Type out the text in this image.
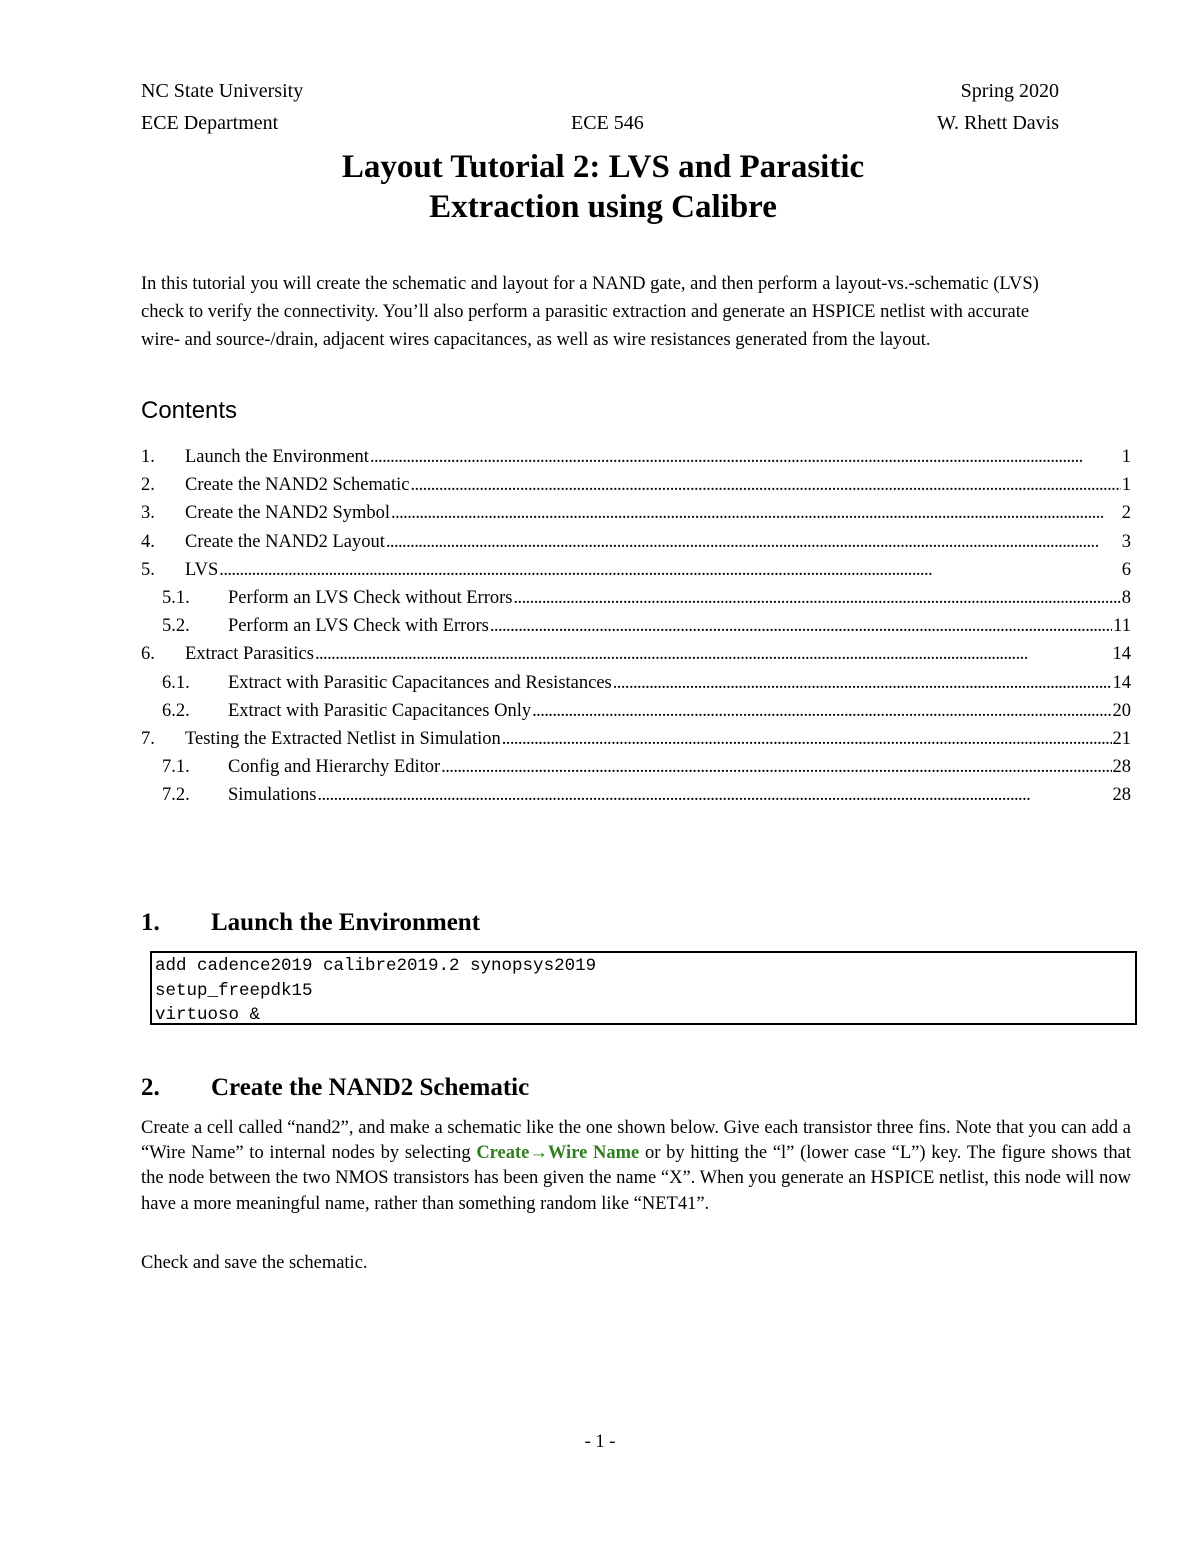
NC State University	Spring 2020
ECE Department	ECE 546	W. Rhett Davis
Layout Tutorial 2: LVS and Parasitic
Extraction using Calibre
In this tutorial you will create the schematic and layout for a NAND gate, and then perform a layout-vs.-schematic (LVS) check to verify the connectivity. You’ll also perform a parasitic extraction and generate an HSPICE netlist with accurate wire- and source-/drain, adjacent wires capacitances, as well as wire resistances generated from the layout.
Contents
1.	Launch the Environment . . .	1
2.	Create the NAND2 Schematic . . .	1
3.	Create the NAND2 Symbol . . .	2
4.	Create the NAND2 Layout . . .	3
5.	LVS . . .	6
5.1.	Perform an LVS Check without Errors . . .	8
5.2.	Perform an LVS Check with Errors . . .	11
6.	Extract Parasitics . . .	14
6.1.	Extract with Parasitic Capacitances and Resistances . . .	14
6.2.	Extract with Parasitic Capacitances Only . . .	20
7.	Testing the Extracted Netlist in Simulation . . .	21
7.1.	Config and Hierarchy Editor . . .	28
7.2.	Simulations . . .	28
1. Launch the Environment
add cadence2019 calibre2019.2 synopsys2019
setup_freepdk15
virtuoso &
2. Create the NAND2 Schematic
Create a cell called “nand2”, and make a schematic like the one shown below. Give each transistor three fins. Note that you can add a “Wire Name” to internal nodes by selecting Create→Wire Name or by hitting the “l” (lower case “L”) key. The figure shows that the node between the two NMOS transistors has been given the name “X”. When you generate an HSPICE netlist, this node will now have a more meaningful name, rather than something random like “NET41”.
Check and save the schematic.
- 1 -
